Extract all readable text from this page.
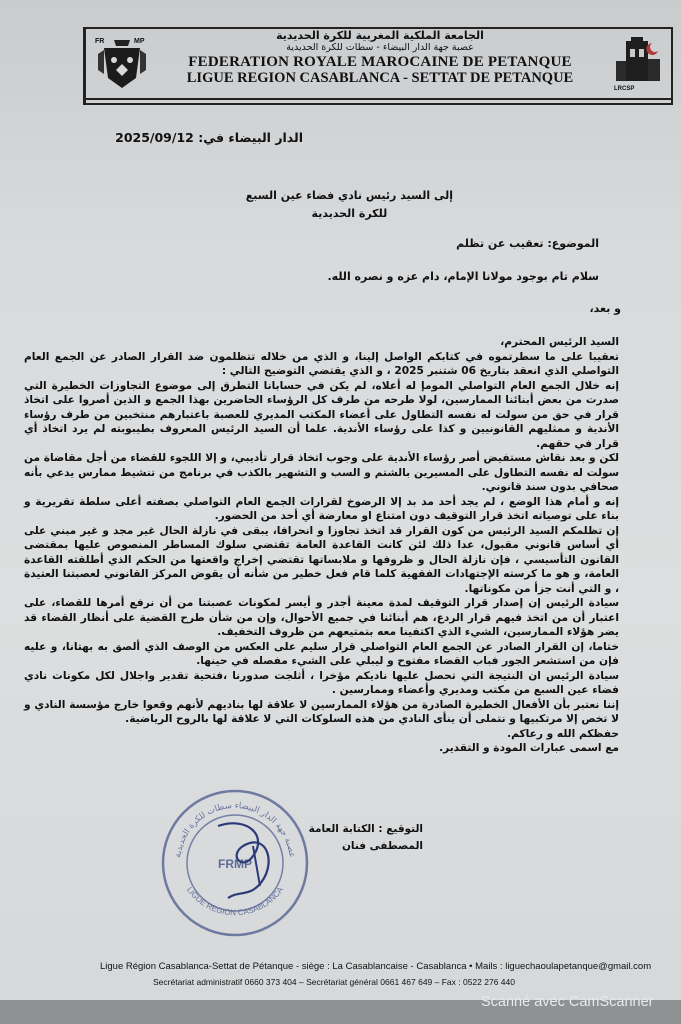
FR	MP	الجامعة الملكية المغربية للكرة الحديدية
عصبة جهة الدار البيضاء - سطات للكرة الحديدية
FEDERATION ROYALE MAROCAINE DE PETANQUE
LIGUE REGION CASABLANCA - SETTAT DE PETANQUE
LRCSP
الدار البيضاء في: 2025/09/12
إلى السيد رئيس نادي فضاء عين السبع
للكرة الحديدية
الموضوع: تعقيب عن تظلم
سلام تام بوجود مولانا الإمام، دام عزه و نصره الله.
و بعد،

السيد الرئيس المحترم،

تعقيبا على ما سطرتموه في كتابكم الواصل إلينا، و الذي من خلاله تتظلمون ضد القرار الصادر عن الجمع العام التواصلي الذي انعقد بتاريخ 06 شتنبر 2025 ، و الذي يقتضي التوضيح التالي :

إنه خلال الجمع العام التواصلي المومإ له أعلاه، لم يكن في حسابانا التطرق إلى موضوع التجاوزات الخطيرة التي صدرت من بعض أبنائنا الممارسين، لولا طرحه من طرف كل الرؤساء الحاضرين بهذا الجمع و الذين أصروا على اتخاذ قرار في حق من سولت له نفسه التطاول على أعضاء المكتب المديري للعصبة باعتبارهم منتخبين من طرف رؤساء الأندية و ممثليهم القانونيين و كذا على رؤساء الأندية. علما أن السيد الرئيس المعروف بطيبوبته لم يرد اتخاذ أي قرار في حقهم.

لكن و بعد نقاش مستفيض أصر رؤساء الأندية على وجوب اتخاذ قرار تأديبي، و إلا اللجوء للقضاء من أجل مقاضاة من سولت له نفسه التطاول على المسيرين بالشتم و السب و التشهير بالكذب في برنامج من تنشيط ممارس يدعي بأنه صحافي بدون سند قانوني.

إنه و أمام هذا الوضع ، لم يجد أحد مد بد إلا الرضوخ لقرارات الجمع العام التواصلي بصفته أعلى سلطة تقريرية و بناء على توصياته اتخذ قرار التوقيف دون امتناع او معارضة أي أحد من الحضور.

إن تظلمكم السيد الرئيس من كون القرار قد اتخذ تجاوزا و انحرافا، يبقى في نازلة الحال غير مجد و غير مبني على أي أساس قانوني مقبول، عدا ذلك لئن كانت القاعدة العامة تقتضي سلوك المساطر المنصوص عليها بمقتضى القانون التأسيسي ، فإن نازلة الحال و ظروفها و ملابساتها تقتضي إخراج واقعتها من الحكم الذي أطلقته القاعدة العامة، و هو ما كرسته الإجتهادات الفقهية كلما قام فعل خطير من شأنه أن يقوض المركز القانوني لعصبتنا العتيدة ، و التي أنت جزأ من مكوناتها.

سيادة الرئيس إن إصدار قرار التوقيف لمدة معينة أجدر و أيسر لمكونات عصبتنا من أن نرفع أمرها للقضاء، على اعتبار أن من اتخذ فيهم قرار الردع، هم أبنائنا في جميع الأحوال، وإن من شأن طرح القضية على أنظار القضاء قد يضر هؤلاء الممارسين، الشيء الذي اكتفينا معه بتمتيعهم من ظروف التخفيف.

ختاما، إن القرار الصادر عن الجمع العام التواصلي قرار سليم على العكس من الوصف الذي ألصق به بهتانا، و عليه فإن من استشعر الجور فباب القضاء مفتوح و ليبلي على الشيء مفصله في حينها.

سيادة الرئيس ان النتيجة التي تحصل عليها ناديكم مؤخرا ، أثلجت صدورنا ،فتحية تقدير واجلال لكل مكونات نادي فضاء عين السبع من مكتب ومديري وأعضاء وممارسين .

إننا نعتبر بأن الأفعال الخطيرة الصادرة من هؤلاء الممارسين لا علاقة لها بناديهم لأنهم وقعوا خارج مؤسسة النادي و لا تخص إلا مرتكبيها و نتملى أن ينأى النادي من هذه السلوكات التي لا علاقة لها بالروح الرياضية.

حفظكم الله و رعاكم.

مع اسمى عبارات المودة و التقدير.

عصبة جهة الدار البيضاء سطات للكرة الحديدية
LIGUE REGION CASABLANCA
FRMP
التوقيع : الكتابة العامة
المصطفى فنان
Ligue Région Casablanca-Settat de Pétanque - siège : La Casablancaise - Casablanca • Mails : liguechaoulapetanque@gmail.com
Secrétariat administratif 0660 373 404 – Secrétariat général 0661 467 649 – Fax : 0522 276 440
Scanné avec CamScanner
